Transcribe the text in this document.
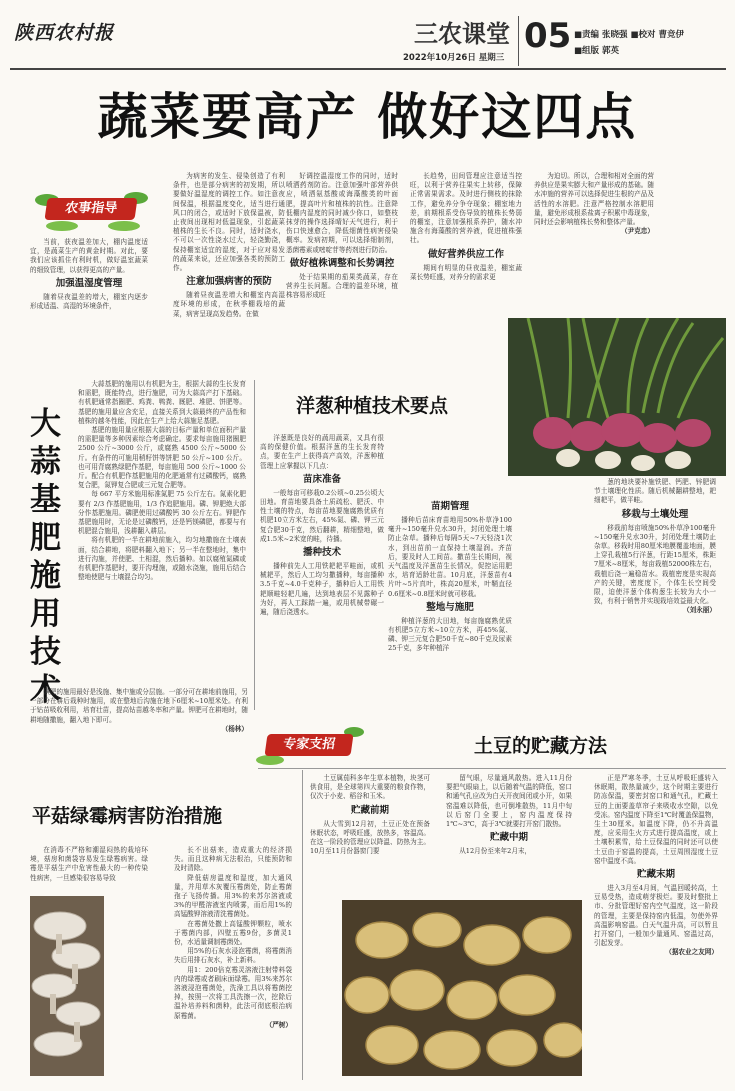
陕西农村报	三农课堂
2022年10月26日 星期三
05 ■责编 张晓强 ■校对 曹竞伊
■组版 郭英
蔬菜要高产 做好这四点
农事指导

当前，获夜温差加大，棚内温度适宜，是蔬菜生产的黄金时期。对此，要我们应该抓住有利时机，做好温室蔬菜的细致管理，以获得更高的产量。

加强温湿度管理

随着昼夜温差的增大，棚室内逐步形成适温、高湿的环境条件，

为病害的发生、侵染创造了有利条件，也是部分病害的初发期，所以要做好温湿度的调控工作。如注意夜间保温，根据温度变化，适当进行通风口的闭合，或适时下放保温被，防止夜间出现相对低温现象，引起蔬菜植株的生长不良。同时，适时浇水，不可以一次性浇水过大，轻浇勤浇，保持棚室适宜的湿度，对于应对易发的蔬菜来说，还应加强各类的预防工作。

注意加强病害的预防

随着昼夜温差增大和棚室内高湿度环境的形成，在秋季棚栽培的蔬菜，病害呈现高发趋势。在做

好调控温湿度工作的同时，适时喷洒药剂防治。注意加强叶部营养供应，喷洒氨基酸或海藻酸类的叶面肥，提高叶片和植株的抗性。注意降低棚内湿度的同时减少你口，如整枝抹芽的操作选择晴好天气进行，利于伤口快速愈合，降低细菌性病害侵染概率。发病初期，可以选择细制剂，悉菌霉素或嘧啶苷等药剂进行防治。

做好植株调整和长势调控

处于结果期的茄果类蔬菜，存在营养生长问题。合理的温差环境，植株容易形成旺

长趋势，田间管理应注意适当控旺，以利于营养往果实上转移，保障正常需果需求。及时进行侧枝的抹除工作，避免养分争夺现象；棚室地力差，前期根系受伤导致的植株长势弱的棚室，注意加强根系养护，随水冲施含有海藻酸的营养液，促进植株强壮。

做好营养供应工作

期间有明显的昼夜温差，棚室蔬菜长势旺盛，对养分的需求更

为迫切。所以，合理和相对全面的营养供应是果实膨大和产量形成的基础。随水冲施的营养可以选择促进生根的产品及活性的水溶肥。注意严格控制水溶肥用量，避免形成根系盐离子积累中毒现象，同时还会影响植株长势和整体产量。

（尹克忠）

大蒜基肥施用技术

大蒜基肥的施用以有机肥为主，根据大蒜的生长发育和需肥，既能特点，进行施肥，可为大蒜高产打下基础。有机肥通常指圈肥、鸡粪、鸭粪、厩肥、堆肥、饼肥等。基肥的施用量应含充足，直接关系到大蒜最终的产品性和植株的越冬性能，因此在生产上给大蒜施足基肥。

基肥的施用量应根据大蒜的目标产量和单位面积产量的需肥量等多种因素综合考虑确定。要求每亩施用猪圈肥 2500 公斤~3000 公斤，或腐熟 4500 公斤~5000 公斤。有条件的可施用稍籽饼等饼肥 50 公斤~100 公斤。也可用背腐熟绿肥作基肥，每亩施用 500 公斤~1000 公斤。配合有机肥作基肥施用的化肥通常有过磷酸钙，腐熟复合肥，氮钾复合肥或三元复合肥等。

每 667 平方米施用标准氮肥 75 公斤左右。氮素化肥要有 2/3 作基肥施用，1/3 作追肥施用。磷、钾肥绝大部分作基肥施用。磷肥使用过磷酸钙 30 公斤左右。钾肥作基肥施用时，无论是过磷酸钙，还是钙镁磷肥，都要与有机肥混合施用，浅耕翻入耕层。

将有机肥的一半在耕地前施入，均匀地撒施在土壤表面，结合耕地，将肥料翻入地下；另一半在整地时，集中进行沟施，并使肥、土相混，然后播种。如以腐殖氮磷或有机肥作基肥时，要开沟埋施，或随水浇施，施用后结合整地使肥与土壤混合均匀。

碘肥的施用最好是浅施、集中施或分层施。一部分可在耕地前施用，另一部分在耕后栽种时施用，或在整地后沟施在地下6厘米~10厘米处。有利于钻苗吸收利用，培育壮苗，提高钻苗越冬率和产量。钾肥可在耕地时，随耕地随撒施，翻入地下即可。

（杨林）

洋葱种植技术要点

洋葱既是良好的蔬用蔬菜，又具有很高的保健价值。根据洋葱的生长发育特点，要在生产上获得高产高效，洋葱种植管理上应掌握以下几点：

苗床准备

一般每亩可移栽0.2公顷~0.25公顷大田地。育苗地要具备土质疏松、肥沃、中性土壤的特点，每亩苗地要施腐熟优质有机肥10立方米左右，45%氮、磷、钾三元复合肥30千克，然后翻耕，精细整地，做成1.5米~2米宽的畦，待播。

播种技术

播种前先人工用铁耙耙平畦面，或机械耙平，然后人工均匀撒播种，每亩播种3.5千克~4.0千克种子，播种后人工用铁耙顺畦轻耙几遍，达到地表层不见露种子为好，再人工踩踏一遍，或用机械带碾一遍，随后浇透水。

苗期管理

播种后苗床育苗地用50%朴草净100毫升~150毫升兑水30升，封闭处理土壤防止杂草。播种后每隔5天~7天轻浇1次水，到出苗前一直保持土壤湿润。齐苗后，要及时人工间苗。撒苗生长期间，视天气温度及洋葱苗生长情况，促控运用肥水，培育适龄壮苗。10月底，洋葱苗有4片叶~5片真叶，株高20厘米，叶鞘直径0.6厘米~0.8厘米时就可移栽。

整地与施肥

种植洋葱的大田地，每亩施腐熟优质有机肥5立方米~10立方米，再45%氮、磷、钾三元复合肥50千克~80千克及尿素25千克，多年种植洋

葱的地块要补施铁肥、钙肥、锌肥调节土壤理化性质。随后机械翻耕整地，耙细耙平，做平畦。

移栽与土壤处理

移栽前每亩喷施50%朴草净100毫升~150毫升兑水30升，封闭处理土壤防止杂草。移栽时用80厘米地膜覆盖地面，膜上穿孔栽植5行洋葱，行距15厘米，株距7厘米~8厘米，每亩栽植52000株左右，栽植后浇一遍稳苗水。栽植密度是实现高产的关键，密度度下，个体生长空间受限，迫使洋葱个体构葱生长较为大小一致，有利于销售并实现栽培效益最大化。

（刘永丽）

专家支招	土豆的贮藏方法
平菇绿霉病害防治措施

在消毒不严格和潮湿闷热的栽培环境，菇房和菌袋容易发生绿霉病害。绿霉是平菇生产中危害性最大的一种传染性病害，一旦感染很容易导致

长不出菇来，造成重大的经济损失。而且这种病无法根治，只能预防和及时清除。

降低菇房温度和湿度，加大通风量，并用草木灰覆压霉菌处，防止霉菌孢子飞扬传播。用3%的来苏尔溶液或3%的甲醛溶液室内喷雾，而后用1%的高锰酸钾溶液清洗霉菌处。

在霉菌处撒上高锰酸钾颗粒，喷水于霉菌内部，四壁五霉9份，多菌灵1份，水适量调制霉菌处。

用5%的石灰水浸泡霉菌，将霉菌消失后用排石灰水，补上新料。

用1：200倍克霉灵溶液注射带料袋内的绿霉或者刷床面绿霉。用3%来苏尔溶液浸泡霉菌处，洗澡工具以将霉菌挖掉，按照一次将工具洗擦一次，挖除后温补培养料和菌种，此法可彻底根治病原霉菌。

（严树）

土豆属茄科多年生草本植物，块茎可供食用，是全球第四大重要的粮食作物，仅次于小麦、稻谷和玉米。

贮藏前期

从大雪到12月初，土豆正处在预备休眠状态，呼吸旺盛，放热多，容温高。在这一阶段的管理应以降温、防热为主。10月至11月份器窗门要

留气眼，尽量通风散热。进入11月份要把气眼扇上，以后随着气温的降低，窑口和通气孔应改为白天开夜间闭或小开，如果窑温难以降低，也可倒堆散热，11月中旬以后窑门全要上，窑内温度保持1℃~3℃，高于3℃就要打开窑门散热。

贮藏中期

从12月份至来年2月末，

正是严寒冬季，土豆从呼吸旺盛转入休眠期，散热量减少，这个时期主要进行防冻保温，要密封窑口和通气孔，贮藏土豆的上面要盖草帘子来吸收水空隙，以免受冻。窑内温度下降至1℃时覆盖保温物，生土30厘米。如温度下降，仍不升高温度，应采用生火方式进行提高温度，或上土壤积累雪，给土豆保温的同时还可以使土豆由于窑温的提高，土豆周围湿度土豆窑中温度不高。

贮藏末期

进入3月至4月间，气温回暖转高，土豆易受热，造成萌芽极烂。要及时整批上市、分批管理好窑内空气温度，这一阶段的管理，主要是保持窑内低温，勿使外界高温影响窑温。白天气温升高，可以暂且打开窑门，一般加少量通风、窑温过高，引起发芽。

（据农业之友网）
